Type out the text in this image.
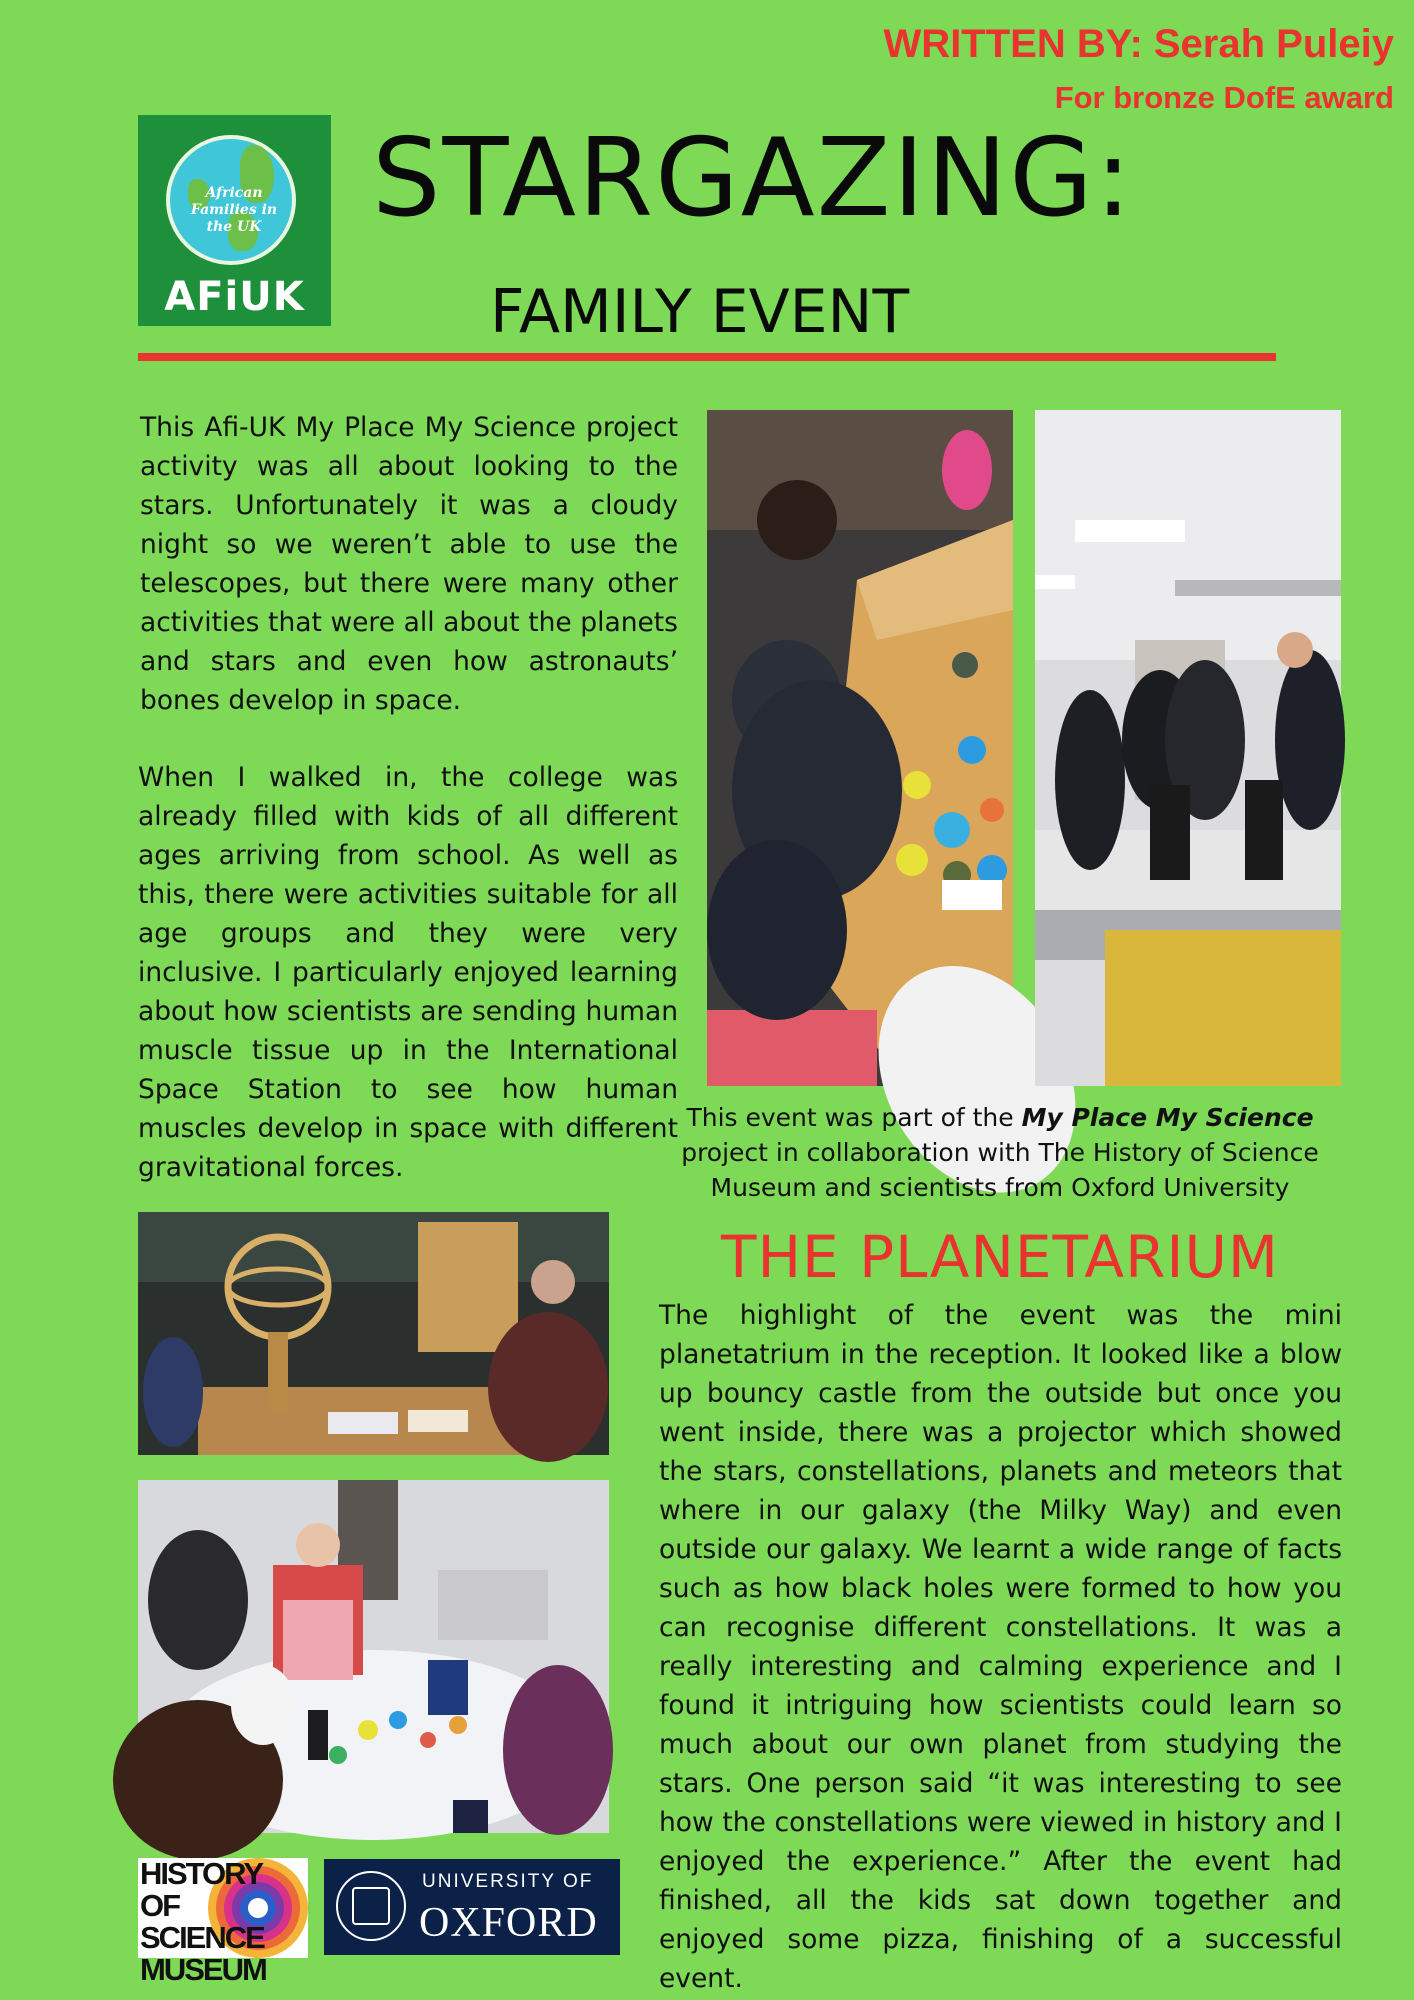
WRITTEN BY: Serah Puleiy
For bronze DofE award
African
Families in
the UK
AFiUK
STARGAZING:
FAMILY EVENT
This Afi-UK My Place My Science project activity was all about looking to the stars. Unfortunately it was a cloudy night so we weren’t able to use the telescopes, but there were many other activities that were all about the planets and stars and even how astronauts’ bones develop in space.
When I walked in, the college was already filled with kids of all different ages arriving from school. As well as this, there were activities suitable for all age groups and they were very inclusive. I particularly enjoyed learning about how scientists are sending human muscle tissue up in the International Space Station to see how human muscles develop in space with different gravitational forces.
This event was part of the My Place My Science project in collaboration with The History of Science Museum and scientists from Oxford University
THE PLANETARIUM
The highlight of the event was the mini planetatrium in the reception. It looked like a blow up bouncy castle from the outside but once you went inside, there was a projector which showed the stars, constellations, planets and meteors that where in our galaxy (the Milky Way) and even outside our galaxy. We learnt a wide range of facts such as how black holes were formed to how you can recognise different constellations. It was a really interesting and calming experience and I found it intriguing how scientists could learn so much about our own planet from studying the stars. One person said “it was interesting to see how the constellations were viewed in history and I enjoyed the experience.” After the event had finished, all the kids sat down together and enjoyed some pizza, finishing of a successful event.
HISTORY
OF SCIENCE
MUSEUM
UNIVERSITY OF
OXFORD
